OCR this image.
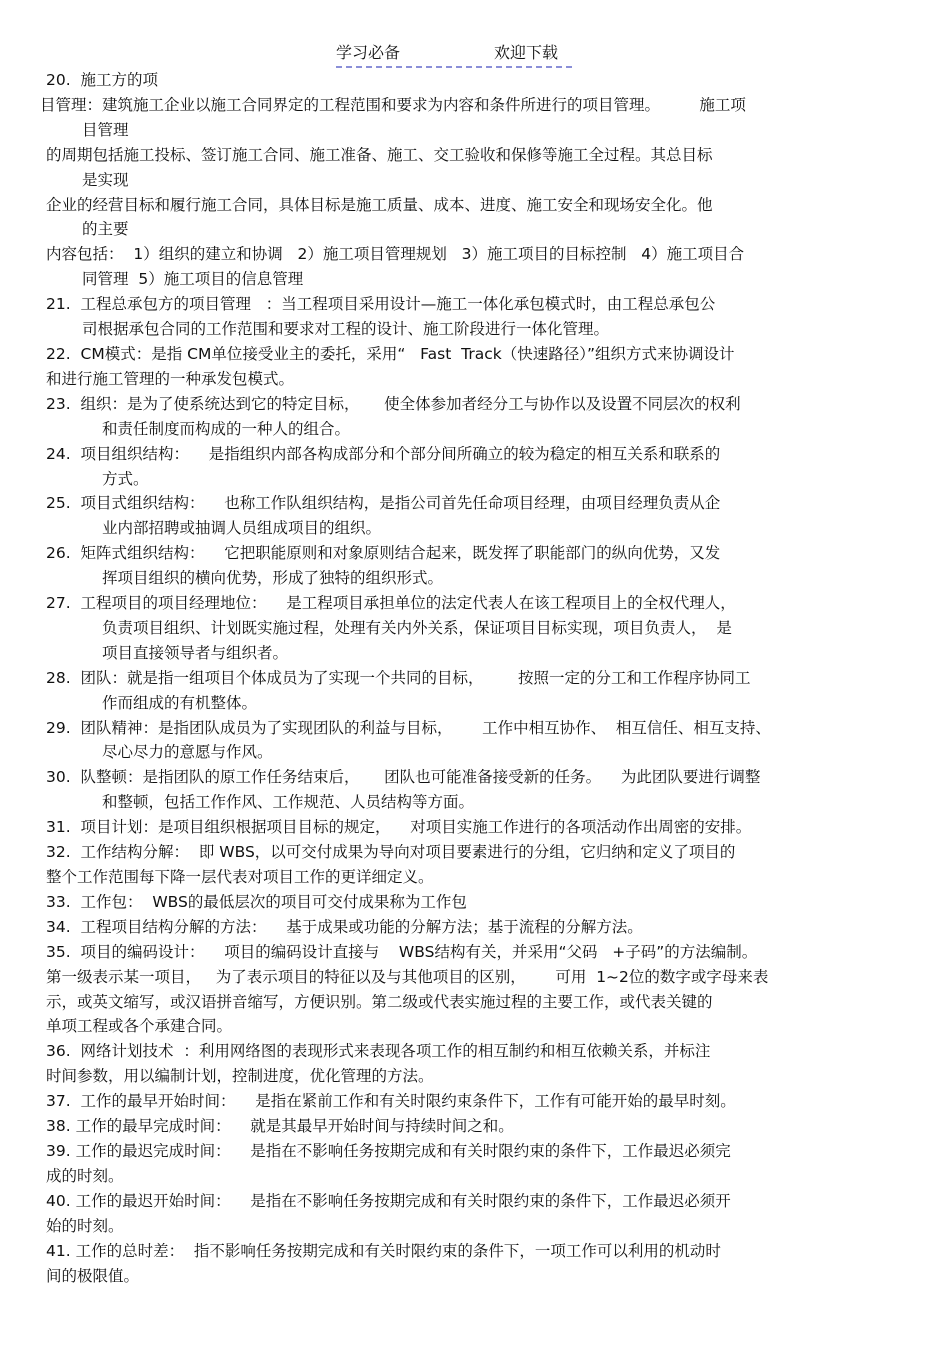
学习必备	欢迎下载

20.  施工方的项

目管理：建筑施工企业以施工合同界定的工程范围和要求为内容和条件所进行的项目管理。        施工项

目管理

的周期包括施工投标、签订施工合同、施工准备、施工、交工验收和保修等施工全过程。其总目标

是实现

企业的经营目标和履行施工合同，具体目标是施工质量、成本、进度、施工安全和现场安全化。他

的主要

内容包括：  1）组织的建立和协调   2）施工项目管理规划   3）施工项目的目标控制   4）施工项目合

同管理  5）施工项目的信息管理

21.  工程总承包方的项目管理   ：当工程项目采用设计—施工一体化承包模式时，由工程总承包公

司根据承包合同的工作范围和要求对工程的设计、施工阶段进行一体化管理。

22.  CM模式：是指 CM单位接受业主的委托，采用“   Fast  Track（快速路径）”组织方式来协调设计

和进行施工管理的一种承发包模式。

23.  组织：是为了使系统达到它的特定目标，     使全体参加者经分工与协作以及设置不同层次的权利

和责任制度而构成的一种人的组合。

24.  项目组织结构：    是指组织内部各构成部分和个部分间所确立的较为稳定的相互关系和联系的

方式。

25.  项目式组织结构：    也称工作队组织结构，是指公司首先任命项目经理，由项目经理负责从企

业内部招聘或抽调人员组成项目的组织。

26.  矩阵式组织结构：    它把职能原则和对象原则结合起来，既发挥了职能部门的纵向优势，又发

挥项目组织的横向优势，形成了独特的组织形式。

27.  工程项目的项目经理地位：    是工程项目承担单位的法定代表人在该工程项目上的全权代理人，

负责项目组织、计划既实施过程，处理有关内外关系，保证项目目标实现，项目负责人，  是

项目直接领导者与组织者。

28.  团队：就是指一组项目个体成员为了实现一个共同的目标，       按照一定的分工和工作程序协同工

作而组成的有机整体。

29.  团队精神：是指团队成员为了实现团队的利益与目标，      工作中相互协作、  相互信任、相互支持、

尽心尽力的意愿与作风。

30.  队整顿：是指团队的原工作任务结束后，     团队也可能准备接受新的任务。    为此团队要进行调整

和整顿，包括工作作风、工作规范、人员结构等方面。

31.  项目计划：是项目组织根据项目目标的规定，    对项目实施工作进行的各项活动作出周密的安排。

32.  工作结构分解：  即 WBS，以可交付成果为导向对项目要素进行的分组，它归纳和定义了项目的

整个工作范围每下降一层代表对项目工作的更详细定义。

33.  工作包：  WBS的最低层次的项目可交付成果称为工作包

34.  工程项目结构分解的方法：    基于成果或功能的分解方法；基于流程的分解方法。

35.  项目的编码设计：    项目的编码设计直接与    WBS结构有关，并采用“父码   +子码”的方法编制。

第一级表示某一项目，   为了表示项目的特征以及与其他项目的区别，      可用  1~2位的数字或字母来表

示，或英文缩写，或汉语拼音缩写，方便识别。第二级或代表实施过程的主要工作，或代表关键的

单项工程或各个承建合同。

36.  网络计划技术  ：利用网络图的表现形式来表现各项工作的相互制约和相互依赖关系，并标注

时间参数，用以编制计划，控制进度，优化管理的方法。

37.  工作的最早开始时间：    是指在紧前工作和有关时限约束条件下，工作有可能开始的最早时刻。

38. 工作的最早完成时间：    就是其最早开始时间与持续时间之和。

39. 工作的最迟完成时间：    是指在不影响任务按期完成和有关时限约束的条件下，工作最迟必须完

成的时刻。

40. 工作的最迟开始时间：    是指在不影响任务按期完成和有关时限约束的条件下，工作最迟必须开

始的时刻。

41. 工作的总时差：  指不影响任务按期完成和有关时限约束的条件下，一项工作可以利用的机动时

间的极限值。
